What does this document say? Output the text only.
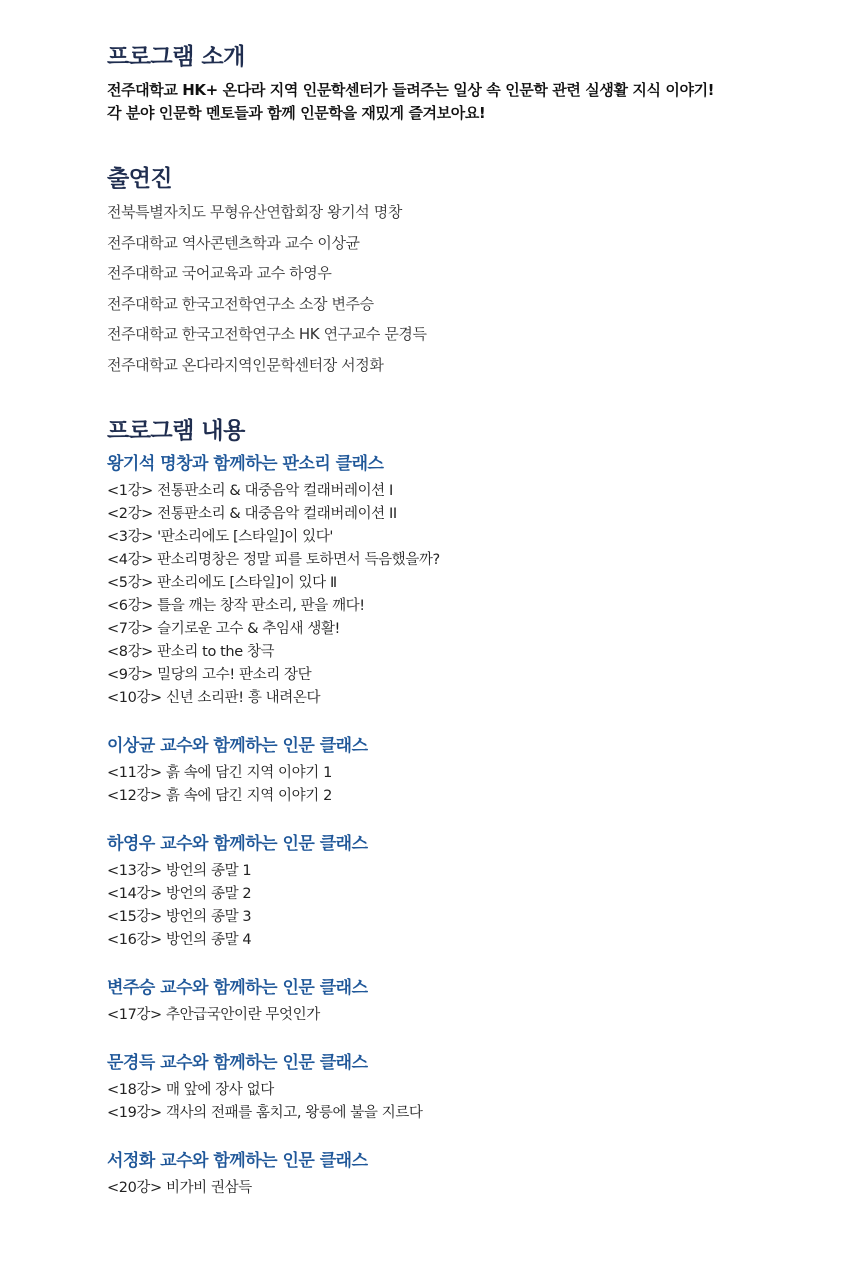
프로그램 소개
전주대학교 HK+ 온다라 지역 인문학센터가 들려주는 일상 속 인문학 관련 실생활 지식 이야기!
각 분야 인문학 멘토들과 함께 인문학을 재밌게 즐겨보아요!
출연진
전북특별자치도 무형유산연합회장 왕기석 명창
전주대학교 역사콘텐츠학과 교수 이상균
전주대학교 국어교육과 교수 하영우
전주대학교 한국고전학연구소 소장 변주승
전주대학교 한국고전학연구소 HK 연구교수 문경득
전주대학교 온다라지역인문학센터장 서정화
프로그램 내용
왕기석 명창과 함께하는 판소리 클래스
<1강> 전통판소리 & 대중음악 컬래버레이션 I
<2강> 전통판소리 & 대중음악 컬래버레이션 II
<3강> '판소리에도 [스타일]이 있다'
<4강> 판소리명창은 정말 피를 토하면서 득음했을까?
<5강> 판소리에도 [스타일]이 있다 Ⅱ
<6강> 틀을 깨는 창작 판소리, 판을 깨다!
<7강> 슬기로운 고수 & 추임새 생활!
<8강> 판소리 to the 창극
<9강> 밀당의 고수! 판소리 장단
<10강> 신년 소리판! 흥 내려온다
이상균 교수와 함께하는 인문 클래스
<11강> 흙 속에 담긴 지역 이야기 1
<12강> 흙 속에 담긴 지역 이야기 2
하영우 교수와 함께하는 인문 클래스
<13강> 방언의 종말 1
<14강> 방언의 종말 2
<15강> 방언의 종말 3
<16강> 방언의 종말 4
변주승 교수와 함께하는 인문 클래스
<17강> 추안급국안이란 무엇인가
문경득 교수와 함께하는 인문 클래스
<18강> 매 앞에 장사 없다
<19강> 객사의 전패를 훔치고, 왕릉에 불을 지르다
서정화 교수와 함께하는 인문 클래스
<20강> 비가비 권삼득
